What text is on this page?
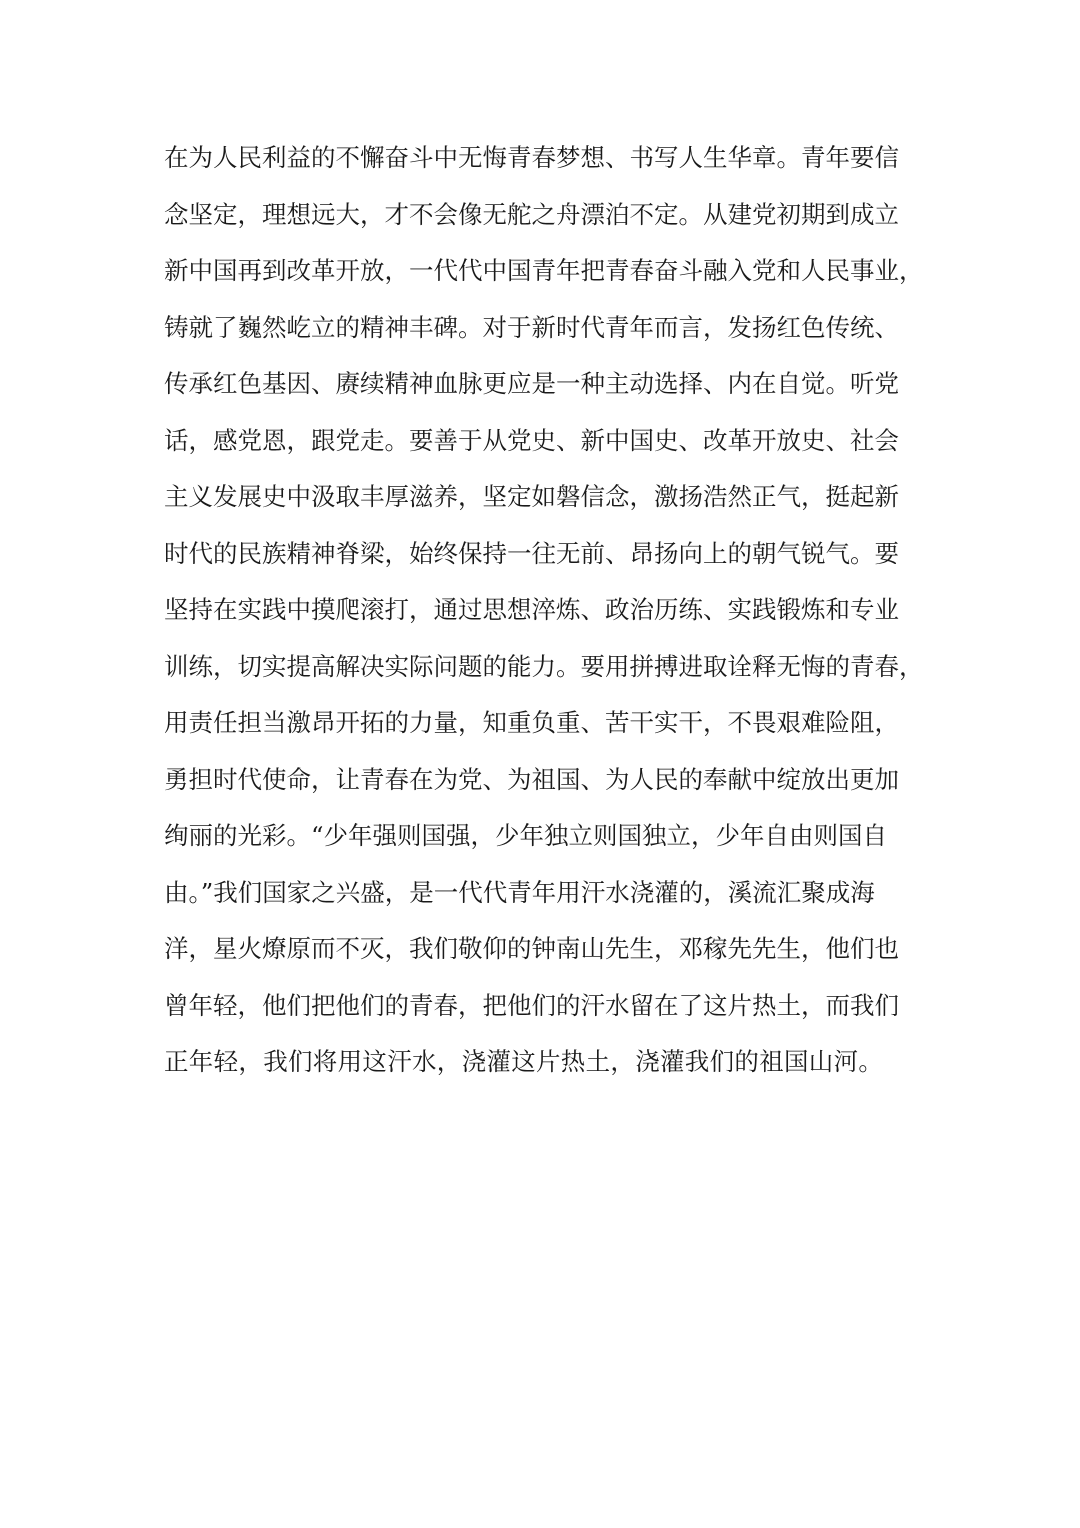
在为人民利益的不懈奋斗中无悔青春梦想、书写人生华章。青年要信
念坚定，理想远大，才不会像无舵之舟漂泊不定。从建党初期到成立
新中国再到改革开放，一代代中国青年把青春奋斗融入党和人民事业，
铸就了巍然屹立的精神丰碑。对于新时代青年而言，发扬红色传统、
传承红色基因、赓续精神血脉更应是一种主动选择、内在自觉。听党
话，感党恩，跟党走。要善于从党史、新中国史、改革开放史、社会
主义发展史中汲取丰厚滋养，坚定如磐信念，激扬浩然正气，挺起新
时代的民族精神脊梁，始终保持一往无前、昂扬向上的朝气锐气。要
坚持在实践中摸爬滚打，通过思想淬炼、政治历练、实践锻炼和专业
训练，切实提高解决实际问题的能力。要用拼搏进取诠释无悔的青春，
用责任担当激昂开拓的力量，知重负重、苦干实干，不畏艰难险阻，
勇担时代使命，让青春在为党、为祖国、为人民的奉献中绽放出更加
绚丽的光彩。“少年强则国强，少年独立则国独立，少年自由则国自
由。”我们国家之兴盛，是一代代青年用汗水浇灌的，溪流汇聚成海
洋，星火燎原而不灭，我们敬仰的钟南山先生，邓稼先先生，他们也
曾年轻，他们把他们的青春，把他们的汗水留在了这片热土，而我们
正年轻，我们将用这汗水，浇灌这片热土，浇灌我们的祖国山河。
